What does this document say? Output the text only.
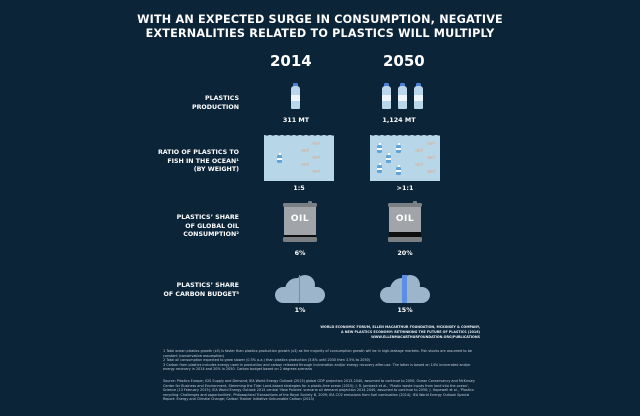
WITH AN EXPECTED SURGE IN CONSUMPTION, NEGATIVE
EXTERNALITIES RELATED TO PLASTICS WILL MULTIPLY
2014	2050
PLASTICS
PRODUCTION
311 MT	1,124 MT
RATIO OF PLASTICS TO
FISH IN THE OCEAN¹
(BY WEIGHT)
1:5	>1:1
PLASTICS’ SHARE
OF GLOBAL OIL
CONSUMPTION²
OIL	OIL
6%	20%
PLASTICS’ SHARE
OF CARBON BUDGET³
1%	15%
WORLD ECONOMIC FORUM, ELLEN MACARTHUR FOUNDATION, MCKINSEY & COMPANY,
A NEW PLASTICS ECONOMY: RETHINKING THE FUTURE OF PLASTICS (2016)
WWW.ELLENMACARTHURFOUNDATION.ORG/PUBLICATIONS
1 Total ocean plastics growth (x5) is faster than plastics production growth (x3) as the majority of consumption growth will be in high-leakage markets. Fish stocks are assumed to be constant (conservative assumption)
2 Total oil consumption expected to grow slower (0.5% p.a.) than plastics production (3.8% until 2030 then 3.5% to 2050)
3 Carbon from plastics includes energy used in production and carbon released through incineration and/or energy recovery after-use. The latter is based on 14% incinerated and/or energy recovery in 2014 and 20% in 2050. Carbon budget based on 2 degrees scenario
Source: Plastics Europe; ICIS Supply and Demand; IEA World Energy Outlook (2015) global GDP projection 2015-2040, assumed to continue to 2050; Ocean Conservancy and McKinsey Center for Business and Environment, Stemming the Tide: Land-based strategies for a plastic-free ocean (2015); J. R. Jambeck et al., 'Plastic waste inputs from land into the ocean', Science (13 February 2015); IEA World Energy Outlook 2015 central 'New Policies' scenario oil demand projection 2014-2040, assumed to continue to 2050; J. Hopewell et al., 'Plastics recycling: Challenges and opportunities', Philosophical Transactions of the Royal Society B, 2009; IEA CO2 emissions from fuel combustion (2014); IEA World Energy Outlook Special Report: Energy and Climate Change; Carbon Tracker Initiative Unburnable Carbon (2013)
